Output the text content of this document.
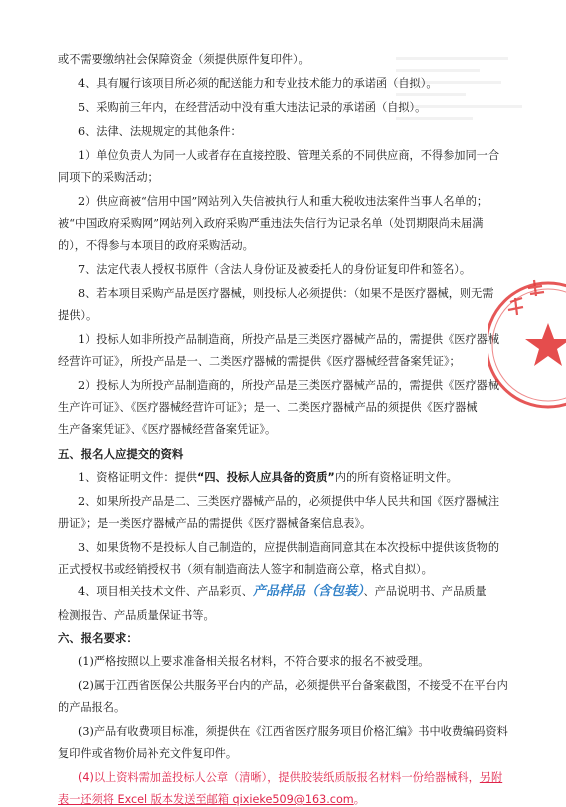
或不需要缴纳社会保障资金（须提供原件复印件）。
4、具有履行该项目所必须的配送能力和专业技术能力的承诺函（自拟）。
5、采购前三年内，在经营活动中没有重大违法记录的承诺函（自拟）。
6、法律、法规规定的其他条件：
1）单位负责人为同一人或者存在直接控股、管理关系的不同供应商，不得参加同一合
同项下的采购活动；
2）供应商被“信用中国”网站列入失信被执行人和重大税收违法案件当事人名单的；
被“中国政府采购网”网站列入政府采购严重违法失信行为记录名单（处罚期限尚未届满
的），不得参与本项目的政府采购活动。
7、法定代表人授权书原件（含法人身份证及被委托人的身份证复印件和签名）。
8、若本项目采购产品是医疗器械，则投标人必须提供：（如果不是医疗器械，则无需
提供）。
1）投标人如非所投产品制造商，所投产品是三类医疗器械产品的，需提供《医疗器械
经营许可证》，所投产品是一、二类医疗器械的需提供《医疗器械经营备案凭证》；
2）投标人为所投产品制造商的，所投产品是三类医疗器械产品的，需提供《医疗器械
生产许可证》、《医疗器械经营许可证》；是一、二类医疗器械产品的须提供《医疗器械
生产备案凭证》、《医疗器械经营备案凭证》。
五、报名人应提交的资料
1、资格证明文件：提供“四、投标人应具备的资质”内的所有资格证明文件。
2、如果所投产品是二、三类医疗器械产品的，必须提供中华人民共和国《医疗器械注
册证》；是一类医疗器械产品的需提供《医疗器械备案信息表》。
3、如果货物不是投标人自己制造的，应提供制造商同意其在本次投标中提供该货物的
正式授权书或经销授权书（须有制造商法人签字和制造商公章，格式自拟）。
4、项目相关技术文件、产品彩页、产品样品（含包装）、产品说明书、产品质量
检测报告、产品质量保证书等。
六、报名要求：
(1)严格按照以上要求准备相关报名材料，不符合要求的报名不被受理。
(2)属于江西省医保公共服务平台内的产品，必须提供平台备案截图，不接受不在平台内
的产品报名。
(3)产品有收费项目标准，须提供在《江西省医疗服务项目价格汇编》书中收费编码资料
复印件或省物价局补充文件复印件。
(4)以上资料需加盖投标人公章（清晰），提供胶装纸质版报名材料一份给器械科，另附
表一还须将 Excel 版本发送至邮箱 qixieke509@163.com。
